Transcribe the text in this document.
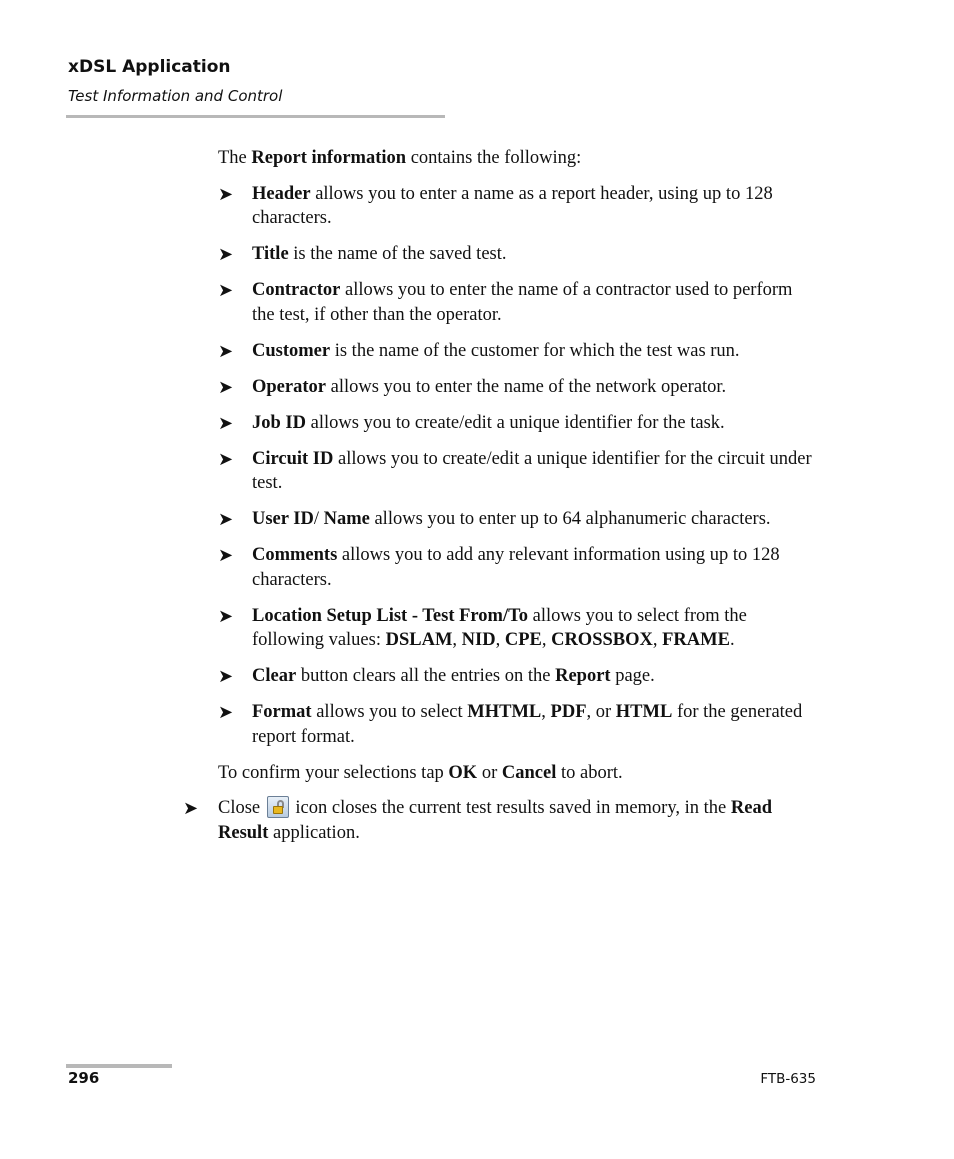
xDSL Application
Test Information and Control

The Report information contains the following:

➤ Header allows you to enter a name as a report header, using up to 128 characters.
➤ Title is the name of the saved test.
➤ Contractor allows you to enter the name of a contractor used to perform the test, if other than the operator.
➤ Customer is the name of the customer for which the test was run.
➤ Operator allows you to enter the name of the network operator.
➤ Job ID allows you to create/edit a unique identifier for the task.
➤ Circuit ID allows you to create/edit a unique identifier for the circuit under test.
➤ User ID/ Name allows you to enter up to 64 alphanumeric characters.
➤ Comments allows you to add any relevant information using up to 128 characters.
➤ Location Setup List - Test From/To allows you to select from the following values: DSLAM, NID, CPE, CROSSBOX, FRAME.
➤ Clear button clears all the entries on the Report page.
➤ Format allows you to select MHTML, PDF, or HTML for the generated report format.

To confirm your selections tap OK or Cancel to abort.

➤ Close
icon closes the current test results saved in memory, in the Read Result application.
296	FTB-635
